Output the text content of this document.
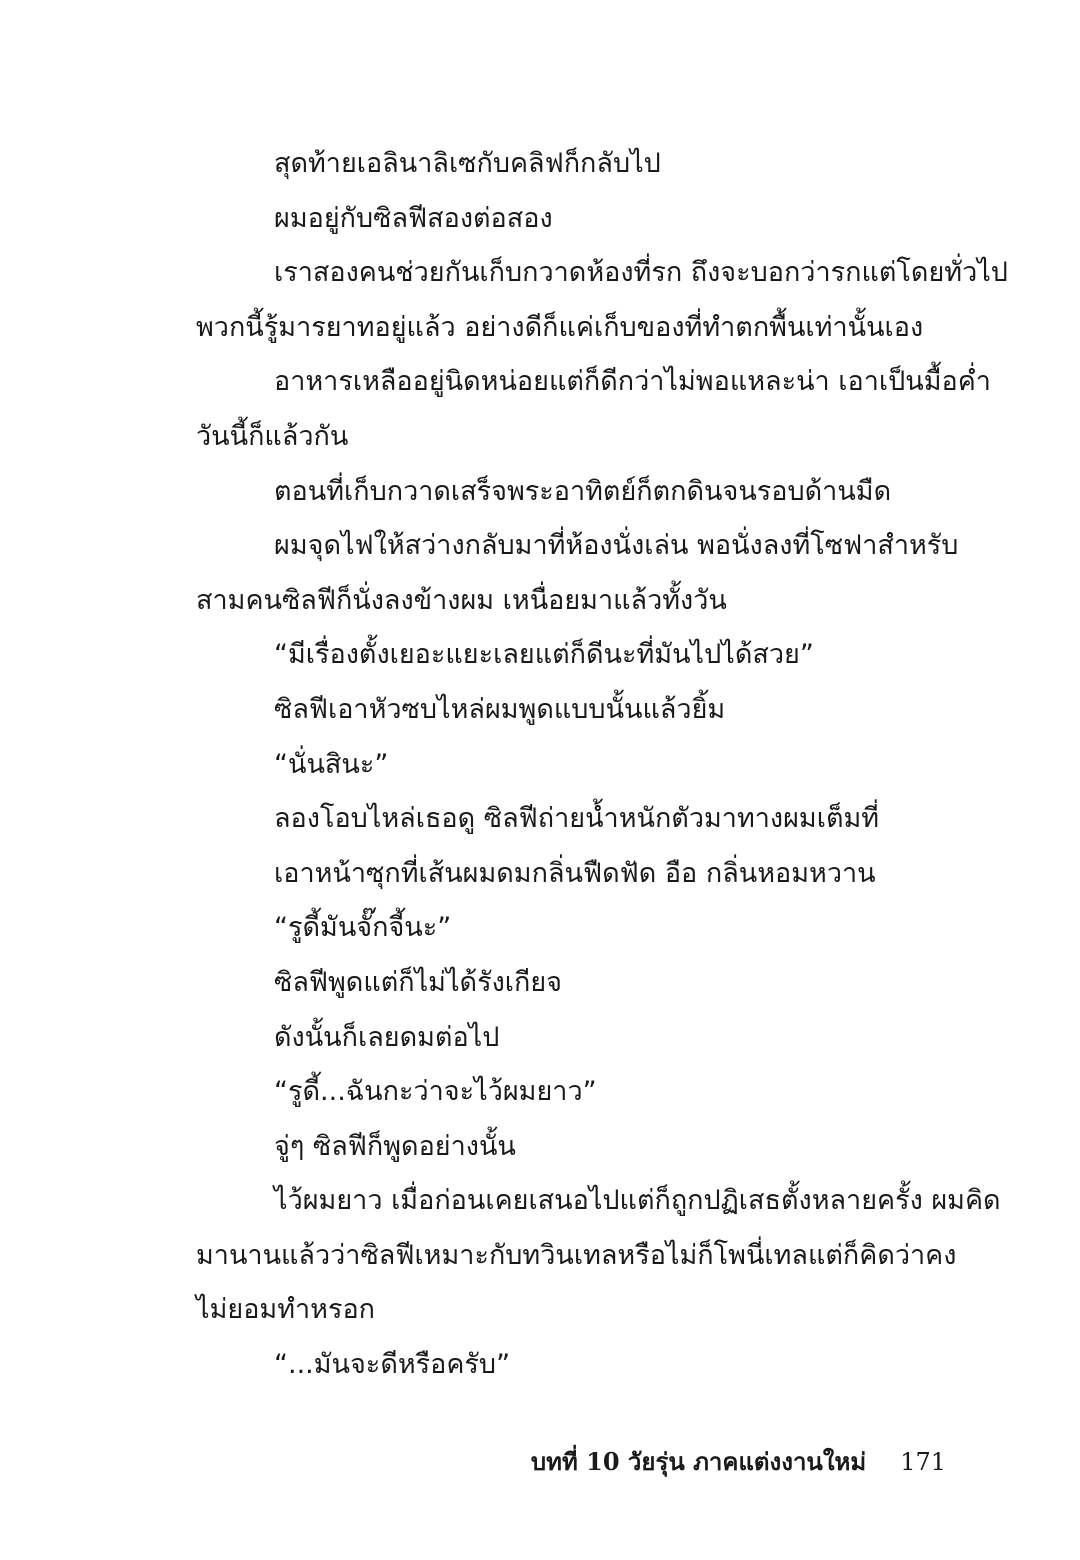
สุดท้ายเอลินาลิเซกับคลิฟก็กลับไป
ผมอยู่กับซิลฟีสองต่อสอง
เราสองคนช่วยกันเก็บกวาดห้องที่รก ถึงจะบอกว่ารกแต่โดยทั่วไป
พวกนี้รู้มารยาทอยู่แล้ว อย่างดีก็แค่เก็บของที่ทำตกพื้นเท่านั้นเอง
อาหารเหลืออยู่นิดหน่อยแต่ก็ดีกว่าไม่พอแหละน่า เอาเป็นมื้อค่ำ
วันนี้ก็แล้วกัน
ตอนที่เก็บกวาดเสร็จพระอาทิตย์ก็ตกดินจนรอบด้านมืด
ผมจุดไฟให้สว่างกลับมาที่ห้องนั่งเล่น พอนั่งลงที่โซฟาสำหรับ
สามคนซิลฟีก็นั่งลงข้างผม เหนื่อยมาแล้วทั้งวัน
“มีเรื่องตั้งเยอะแยะเลยแต่ก็ดีนะที่มันไปได้สวย”
ซิลฟีเอาหัวซบไหล่ผมพูดแบบนั้นแล้วยิ้ม
“นั่นสินะ”
ลองโอบไหล่เธอดู ซิลฟีถ่ายน้ำหนักตัวมาทางผมเต็มที่
เอาหน้าซุกที่เส้นผมดมกลิ่นฟืดฟัด อือ กลิ่นหอมหวาน
“รูดี้มันจั๊กจี้นะ”
ซิลฟีพูดแต่ก็ไม่ได้รังเกียจ
ดังนั้นก็เลยดมต่อไป
“รูดี้...ฉันกะว่าจะไว้ผมยาว”
จู่ๆ ซิลฟีก็พูดอย่างนั้น
ไว้ผมยาว เมื่อก่อนเคยเสนอไปแต่ก็ถูกปฏิเสธตั้งหลายครั้ง ผมคิด
มานานแล้วว่าซิลฟีเหมาะกับทวินเทลหรือไม่ก็โพนี่เทลแต่ก็คิดว่าคง
ไม่ยอมทำหรอก
“...มันจะดีหรือครับ”
บทที่ 10 วัยรุ่น ภาคแต่งงานใหม่ 171
